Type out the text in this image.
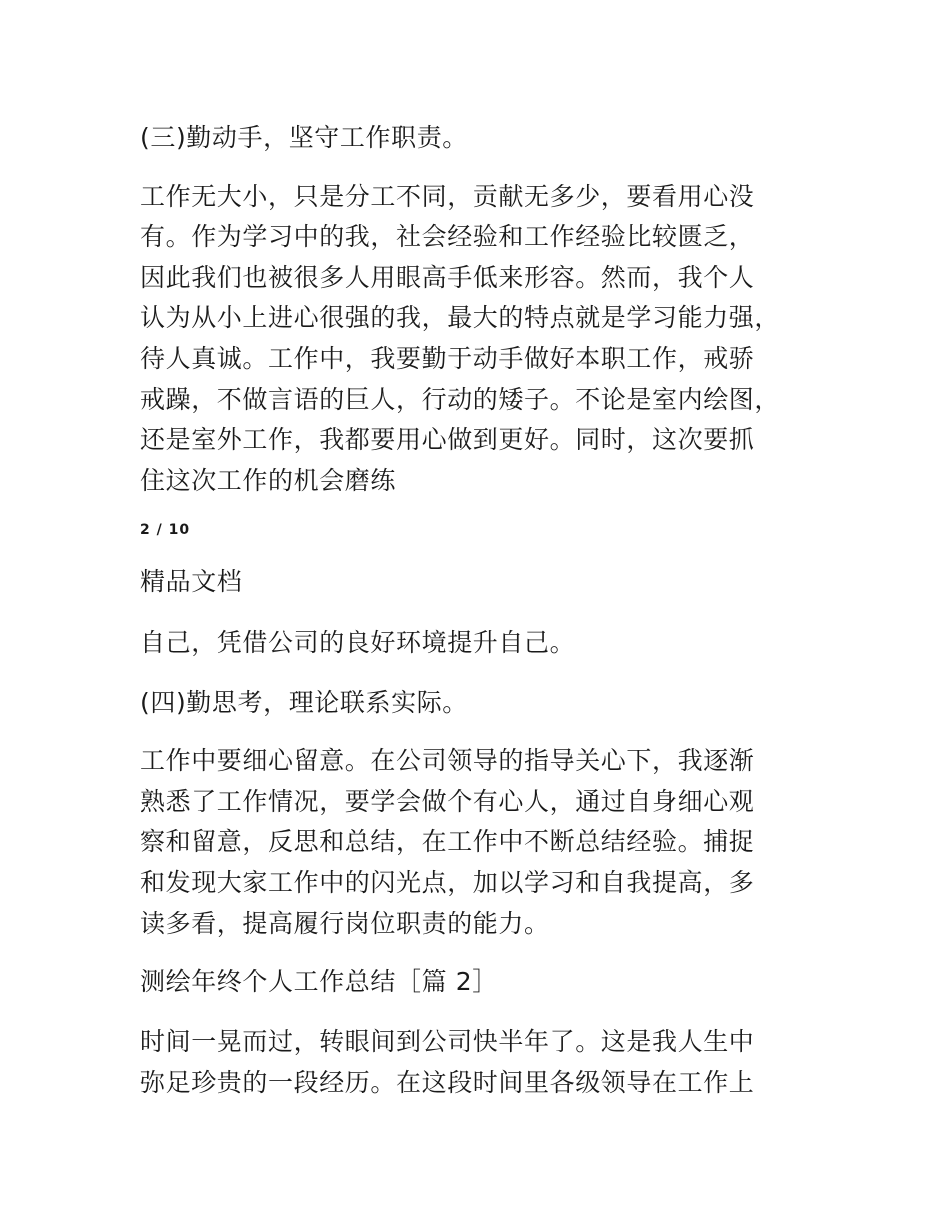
(三)勤动手，坚守工作职责。
工作无大小，只是分工不同，贡献无多少，要看用心没
有。作为学习中的我，社会经验和工作经验比较匮乏，
因此我们也被很多人用眼高手低来形容。然而，我个人
认为从小上进心很强的我，最大的特点就是学习能力强，
待人真诚。工作中，我要勤于动手做好本职工作，戒骄
戒躁，不做言语的巨人，行动的矮子。不论是室内绘图，
还是室外工作，我都要用心做到更好。同时，这次要抓
住这次工作的机会磨练
2 / 10
精品文档
自己，凭借公司的良好环境提升自己。
(四)勤思考，理论联系实际。
工作中要细心留意。在公司领导的指导关心下，我逐渐
熟悉了工作情况，要学会做个有心人，通过自身细心观
察和留意，反思和总结，在工作中不断总结经验。捕捉
和发现大家工作中的闪光点，加以学习和自我提高，多
读多看，提高履行岗位职责的能力。
测绘年终个人工作总结［篇 2］
时间一晃而过，转眼间到公司快半年了。这是我人生中
弥足珍贵的一段经历。在这段时间里各级领导在工作上
